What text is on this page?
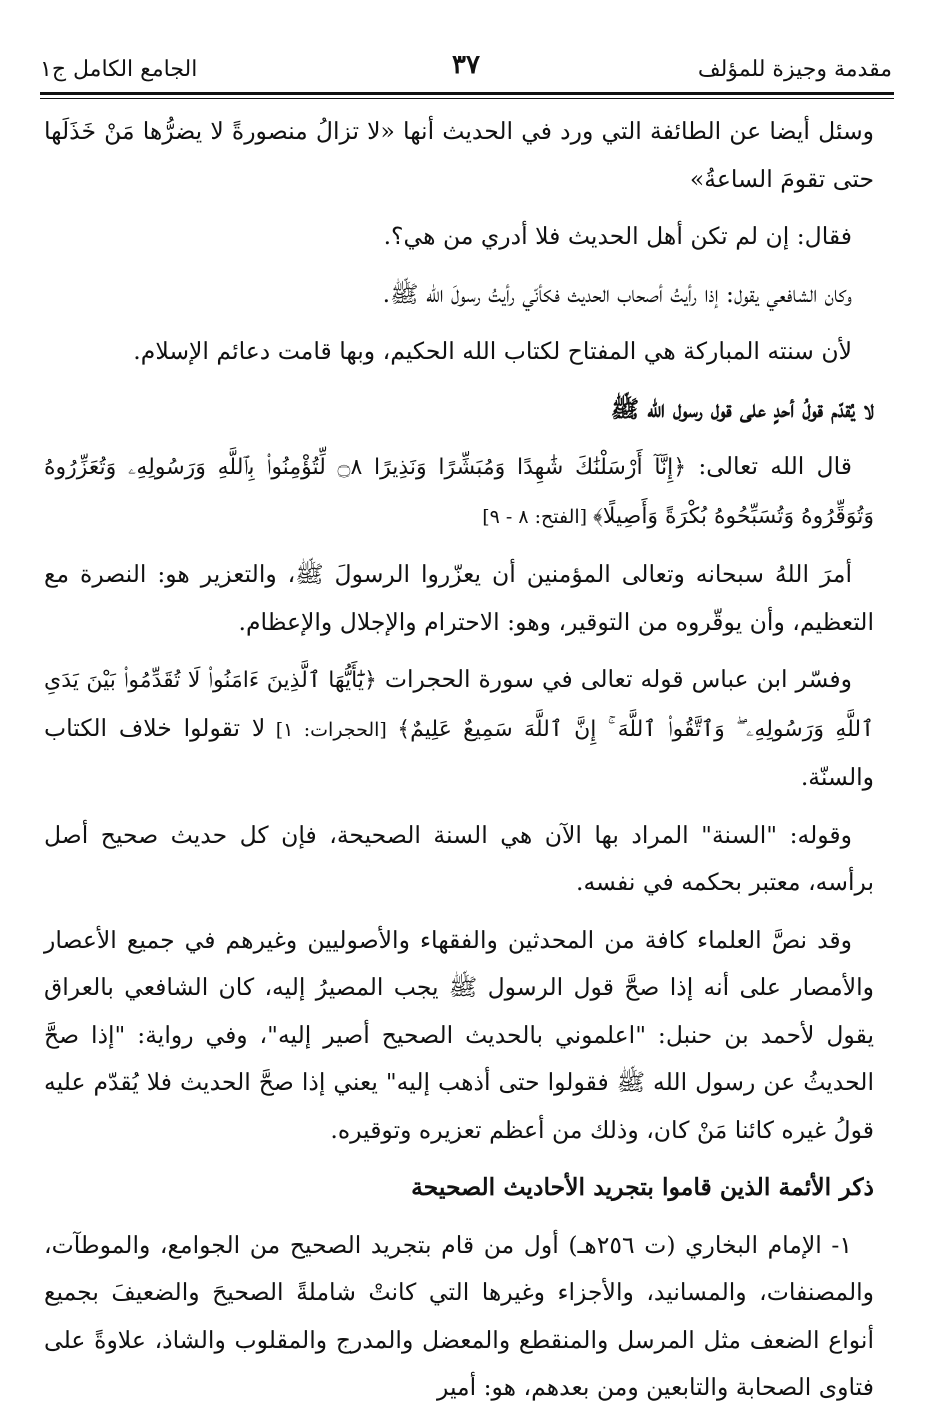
مقدمة وجيزة للمؤلف
٣٧
الجامع الكامل ج١

وسئل أيضا عن الطائفة التي ورد في الحديث أنها «لا تزالُ منصورةً لا يضرُّها مَنْ خَذَلَها حتى تقومَ الساعةُ»

فقال: إن لم تكن أهل الحديث فلا أدري من هي؟.

وكان الشافعي يقول: إذا رأيتُ أصحاب الحديث فكأنّي رأيتُ رسولَ الله ﷺ.

لأن سنته المباركة هي المفتاح لكتاب الله الحكيم، وبها قامت دعائم الإسلام.

لا يُقدّم قولُ أحدٍ على قول رسول الله ﷺ

قال الله تعالى: ﴿إِنَّآ أَرْسَلْنَٰكَ شَٰهِدًا وَمُبَشِّرًا وَنَذِيرًا ۝٨ لِّتُؤْمِنُوا۟ بِٱللَّهِ وَرَسُولِهِۦ وَتُعَزِّرُوهُ وَتُوَقِّرُوهُ وَتُسَبِّحُوهُ بُكْرَةً وَأَصِيلًا﴾ [الفتح: ٨ - ٩]

أمرَ اللهُ سبحانه وتعالى المؤمنين أن يعزّروا الرسولَ ﷺ، والتعزير هو: النصرة مع التعظيم، وأن يوقّروه من التوقير، وهو: الاحترام والإجلال والإعظام.

وفسّر ابن عباس قوله تعالى في سورة الحجرات ﴿يَٰٓأَيُّهَا ٱلَّذِينَ ءَامَنُوا۟ لَا تُقَدِّمُوا۟ بَيْنَ يَدَىِ ٱللَّهِ وَرَسُولِهِۦ ۖ وَٱتَّقُوا۟ ٱللَّهَ ۚ إِنَّ ٱللَّهَ سَمِيعٌ عَلِيمٌ﴾ [الحجرات: ١] لا تقولوا خلاف الكتاب والسنّة.

وقوله: "السنة" المراد بها الآن هي السنة الصحيحة، فإن كل حديث صحيح أصل برأسه، معتبر بحكمه في نفسه.

وقد نصَّ العلماء كافة من المحدثين والفقهاء والأصوليين وغيرهم في جميع الأعصار والأمصار على أنه إذا صحَّ قول الرسول ﷺ يجب المصيرُ إليه، كان الشافعي بالعراق يقول لأحمد بن حنبل: "اعلموني بالحديث الصحيح أصير إليه"، وفي رواية: "إذا صحَّ الحديثُ عن رسول الله ﷺ فقولوا حتى أذهب إليه" يعني إذا صحَّ الحديث فلا يُقدّم عليه قولُ غيره كائنا مَنْ كان، وذلك من أعظم تعزيره وتوقيره.

ذكر الأئمة الذين قاموا بتجريد الأحاديث الصحيحة

١- الإمام البخاري (ت ٢٥٦هـ) أول من قام بتجريد الصحيح من الجوامع، والموطآت، والمصنفات، والمسانيد، والأجزاء وغيرها التي كانتْ شاملةً الصحيحَ والضعيفَ بجميع أنواع الضعف مثل المرسل والمنقطع والمعضل والمدرج والمقلوب والشاذ، علاوةً على فتاوى الصحابة والتابعين ومن بعدهم، هو: أمير
